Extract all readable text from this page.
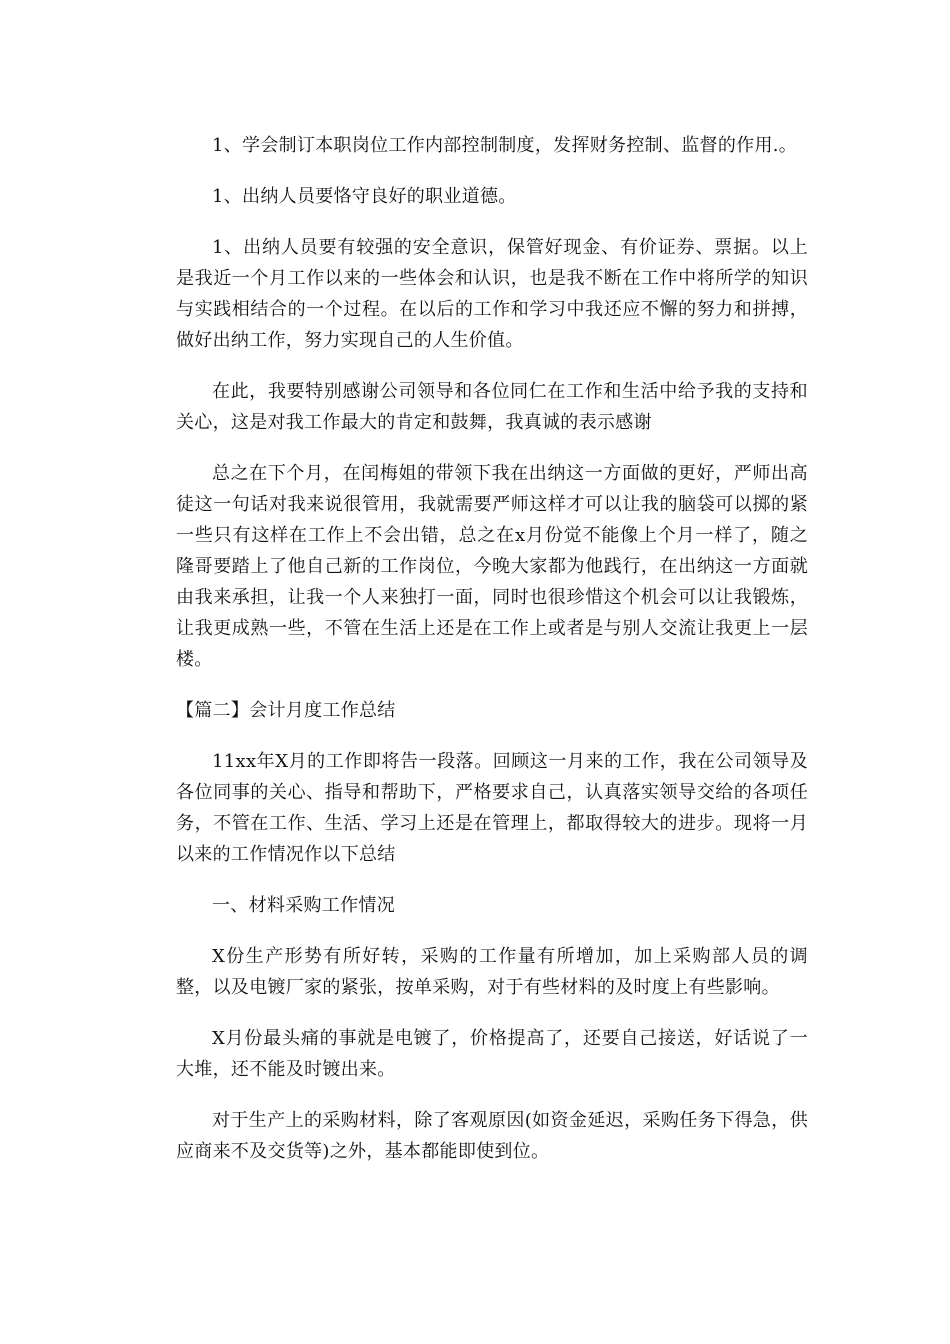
1、学会制订本职岗位工作内部控制制度，发挥财务控制、监督的作用.。

1、出纳人员要恪守良好的职业道德。

1、出纳人员要有较强的安全意识，保管好现金、有价证券、票据。以上是我近一个月工作以来的一些体会和认识，也是我不断在工作中将所学的知识与实践相结合的一个过程。在以后的工作和学习中我还应不懈的努力和拼搏，做好出纳工作，努力实现自己的人生价值。

在此，我要特别感谢公司领导和各位同仁在工作和生活中给予我的支持和关心，这是对我工作最大的肯定和鼓舞，我真诚的表示感谢

总之在下个月，在闰梅姐的带领下我在出纳这一方面做的更好，严师出高徒这一句话对我来说很管用，我就需要严师这样才可以让我的脑袋可以掷的紧一些只有这样在工作上不会出错，总之在x月份觉不能像上个月一样了，随之隆哥要踏上了他自己新的工作岗位，今晚大家都为他践行，在出纳这一方面就由我来承担，让我一个人来独打一面，同时也很珍惜这个机会可以让我锻炼，让我更成熟一些，不管在生活上还是在工作上或者是与别人交流让我更上一层楼。

【篇二】会计月度工作总结

11xx年X月的工作即将告一段落。回顾这一月来的工作，我在公司领导及各位同事的关心、指导和帮助下，严格要求自己，认真落实领导交给的各项任务，不管在工作、生活、学习上还是在管理上，都取得较大的进步。现将一月以来的工作情况作以下总结

一、材料采购工作情况

X份生产形势有所好转，采购的工作量有所增加，加上采购部人员的调整，以及电镀厂家的紧张，按单采购，对于有些材料的及时度上有些影响。

X月份最头痛的事就是电镀了，价格提高了，还要自己接送，好话说了一大堆，还不能及时镀出来。

对于生产上的采购材料，除了客观原因(如资金延迟，采购任务下得急，供应商来不及交货等)之外，基本都能即使到位。
